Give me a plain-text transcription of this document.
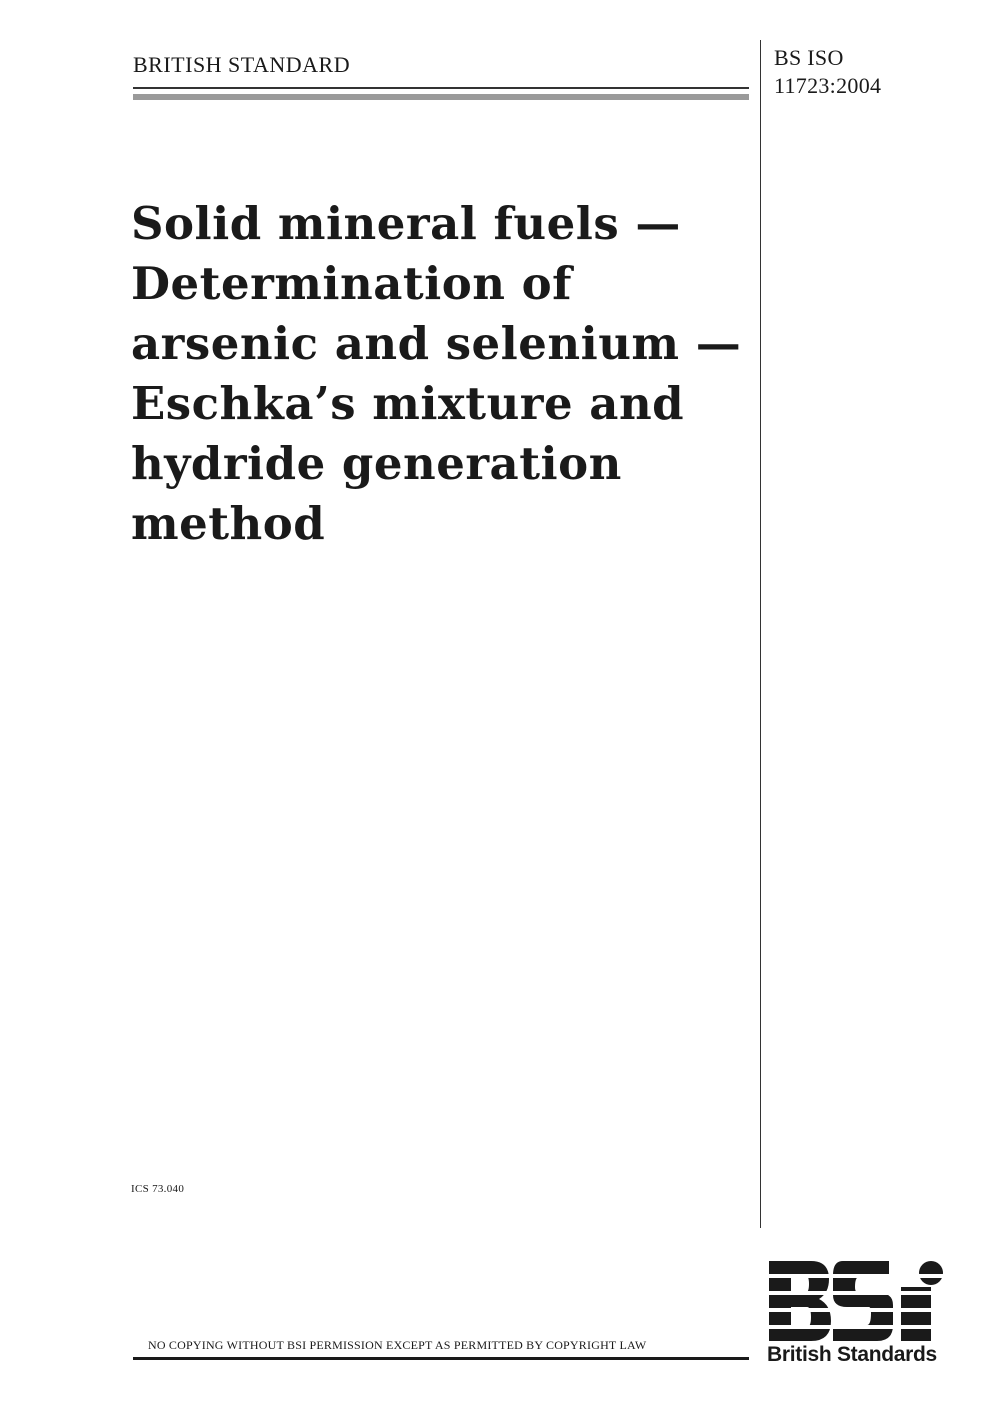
BRITISH STANDARD	BS ISO
11723:2004
Solid mineral fuels —
Determination of
arsenic and selenium —
Eschka’s mixture and
hydride generation
method
ICS 73.040
NO COPYING WITHOUT BSI PERMISSION EXCEPT AS PERMITTED BY COPYRIGHT LAW	British Standards
